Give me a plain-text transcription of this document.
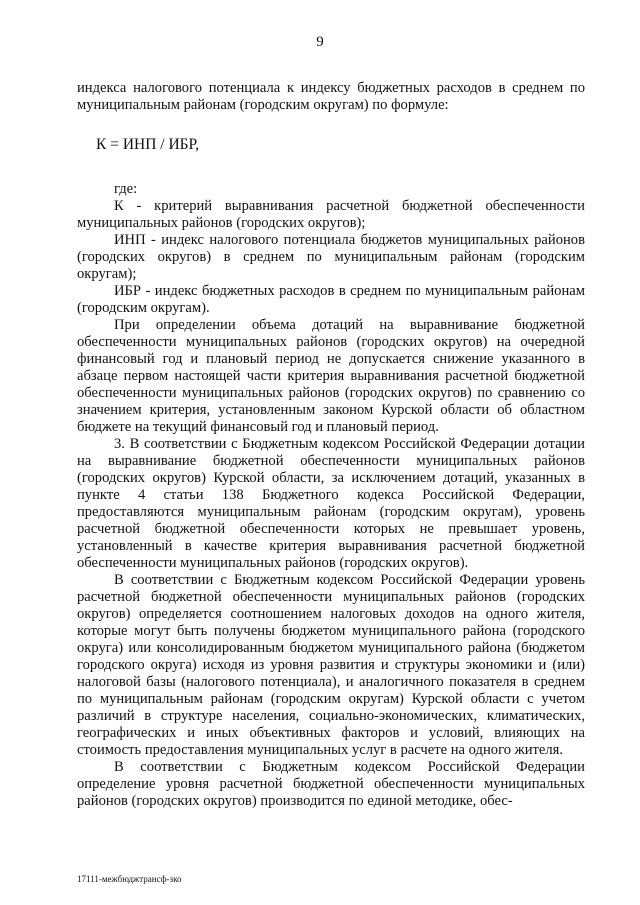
9

индекса налогового потенциала к индексу бюджетных расходов в среднем по муниципальным районам (городским округам) по формуле:

К = ИНП / ИБР,

где:

К - критерий выравнивания расчетной бюджетной обеспеченности муниципальных районов (городских округов);

ИНП - индекс налогового потенциала бюджетов муниципальных районов (городских округов) в среднем по муниципальным районам (городским округам);

ИБР - индекс бюджетных расходов в среднем по муниципальным районам (городским округам).

При определении объема дотаций на выравнивание бюджетной обеспеченности муниципальных районов (городских округов) на очередной финансовый год и плановый период не допускается снижение указанного в абзаце первом настоящей части критерия выравнивания расчетной бюджетной обеспеченности муниципальных районов (городских округов) по сравнению со значением критерия, установленным законом Курской области об областном бюджете на текущий финансовый год и плановый период.

3. В соответствии с Бюджетным кодексом Российской Федерации дотации на выравнивание бюджетной обеспеченности муниципальных районов (городских округов) Курской области, за исключением дотаций, указанных в пункте 4 статьи 138 Бюджетного кодекса Российской Федерации, предоставляются муниципальным районам (городским округам), уровень расчетной бюджетной обеспеченности которых не превышает уровень, установленный в качестве критерия выравнивания расчетной бюджетной обеспеченности муниципальных районов (городских округов).

В соответствии с Бюджетным кодексом Российской Федерации уровень расчетной бюджетной обеспеченности муниципальных районов (городских округов) определяется соотношением налоговых доходов на одного жителя, которые могут быть получены бюджетом муниципального района (городского округа) или консолидированным бюджетом муниципального района (бюджетом городского округа) исходя из уровня развития и структуры экономики и (или) налоговой базы (налогового потенциала), и аналогичного показателя в среднем по муниципальным районам (городским округам) Курской области с учетом различий в структуре населения, социально-экономических, климатических, географических и иных объективных факторов и условий, влияющих на стоимость предоставления муниципальных услуг в расчете на одного жителя.

В соответствии с Бюджетным кодексом Российской Федерации определение уровня расчетной бюджетной обеспеченности муниципальных районов (городских округов) производится по единой методике, обес-

17111-межбюджтрансф-зко
